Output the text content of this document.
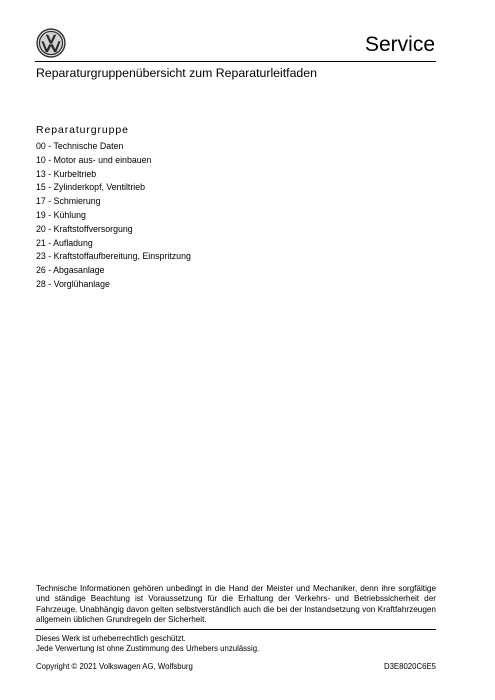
Service
Reparaturgruppenübersicht zum Reparaturleitfaden
Reparaturgruppe
00 - Technische Daten
10 - Motor aus- und einbauen
13 - Kurbeltrieb
15 - Zylinderkopf, Ventiltrieb
17 - Schmierung
19 - Kühlung
20 - Kraftstoffversorgung
21 - Aufladung
23 - Kraftstoffaufbereitung, Einspritzung
26 - Abgasanlage
28 - Vorglühanlage
Technische Informationen gehören unbedingt in die Hand der Meister und Mechaniker, denn ihre sorgfältige und ständige Beachtung ist Voraussetzung für die Erhaltung der Verkehrs- und Betriebssicherheit der Fahrzeuge. Unabhängig davon gelten selbstverständlich auch die bei der Instandsetzung von Kraftfahrzeugen allgemein üblichen Grundregeln der Sicherheit.
Dieses Werk ist urheberrechtlich geschützt.
Jede Verwertung ist ohne Zustimmung des Urhebers unzulässig.
Copyright © 2021 Volkswagen AG, Wolfsburg	D3E8020C6E5
